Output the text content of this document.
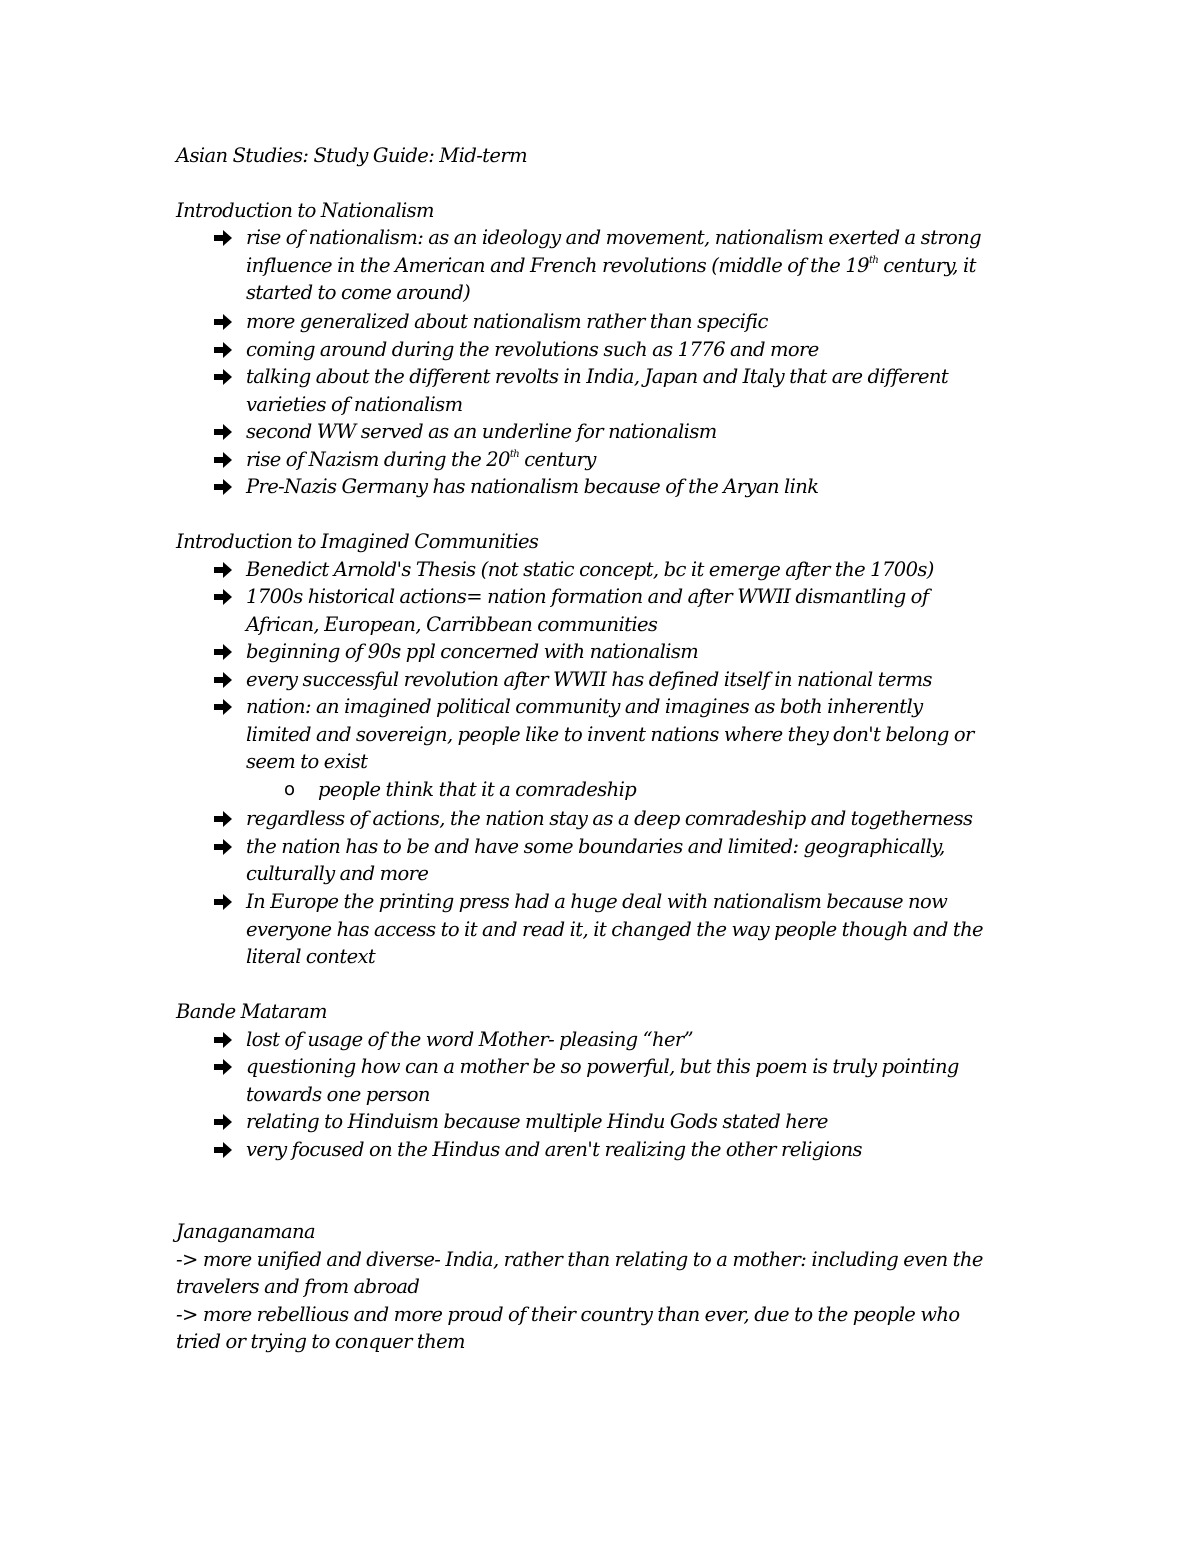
Asian Studies: Study Guide: Mid-term
Introduction to Nationalism
rise of nationalism: as an ideology and movement, nationalism exerted a strong
influence in the American and French revolutions (middle of the 19th century, it
started to come around)
more generalized about nationalism rather than specific
coming around during the revolutions such as 1776 and more
talking about the different revolts in India, Japan and Italy that are different
varieties of nationalism
second WW served as an underline for nationalism
rise of Nazism during the 20th century
Pre-Nazis Germany has nationalism because of the Aryan link
Introduction to Imagined Communities
Benedict Arnold's Thesis (not static concept, bc it emerge after the 1700s)
1700s historical actions= nation formation and after WWII dismantling of
African, European, Carribbean communities
beginning of 90s ppl concerned with nationalism
every successful revolution after WWII has defined itself in national terms
nation: an imagined political community and imagines as both inherently
limited and sovereign, people like to invent nations where they don't belong or
seem to exist
o people think that it a comradeship
regardless of actions, the nation stay as a deep comradeship and togetherness
the nation has to be and have some boundaries and limited: geographically,
culturally and more
In Europe the printing press had a huge deal with nationalism because now
everyone has access to it and read it, it changed the way people though and the
literal context
Bande Mataram
lost of usage of the word Mother- pleasing “her”
questioning how can a mother be so powerful, but this poem is truly pointing
towards one person
relating to Hinduism because multiple Hindu Gods stated here
very focused on the Hindus and aren't realizing the other religions
Janaganamana
-> more unified and diverse- India, rather than relating to a mother: including even the
travelers and from abroad
-> more rebellious and more proud of their country than ever, due to the people who
tried or trying to conquer them
